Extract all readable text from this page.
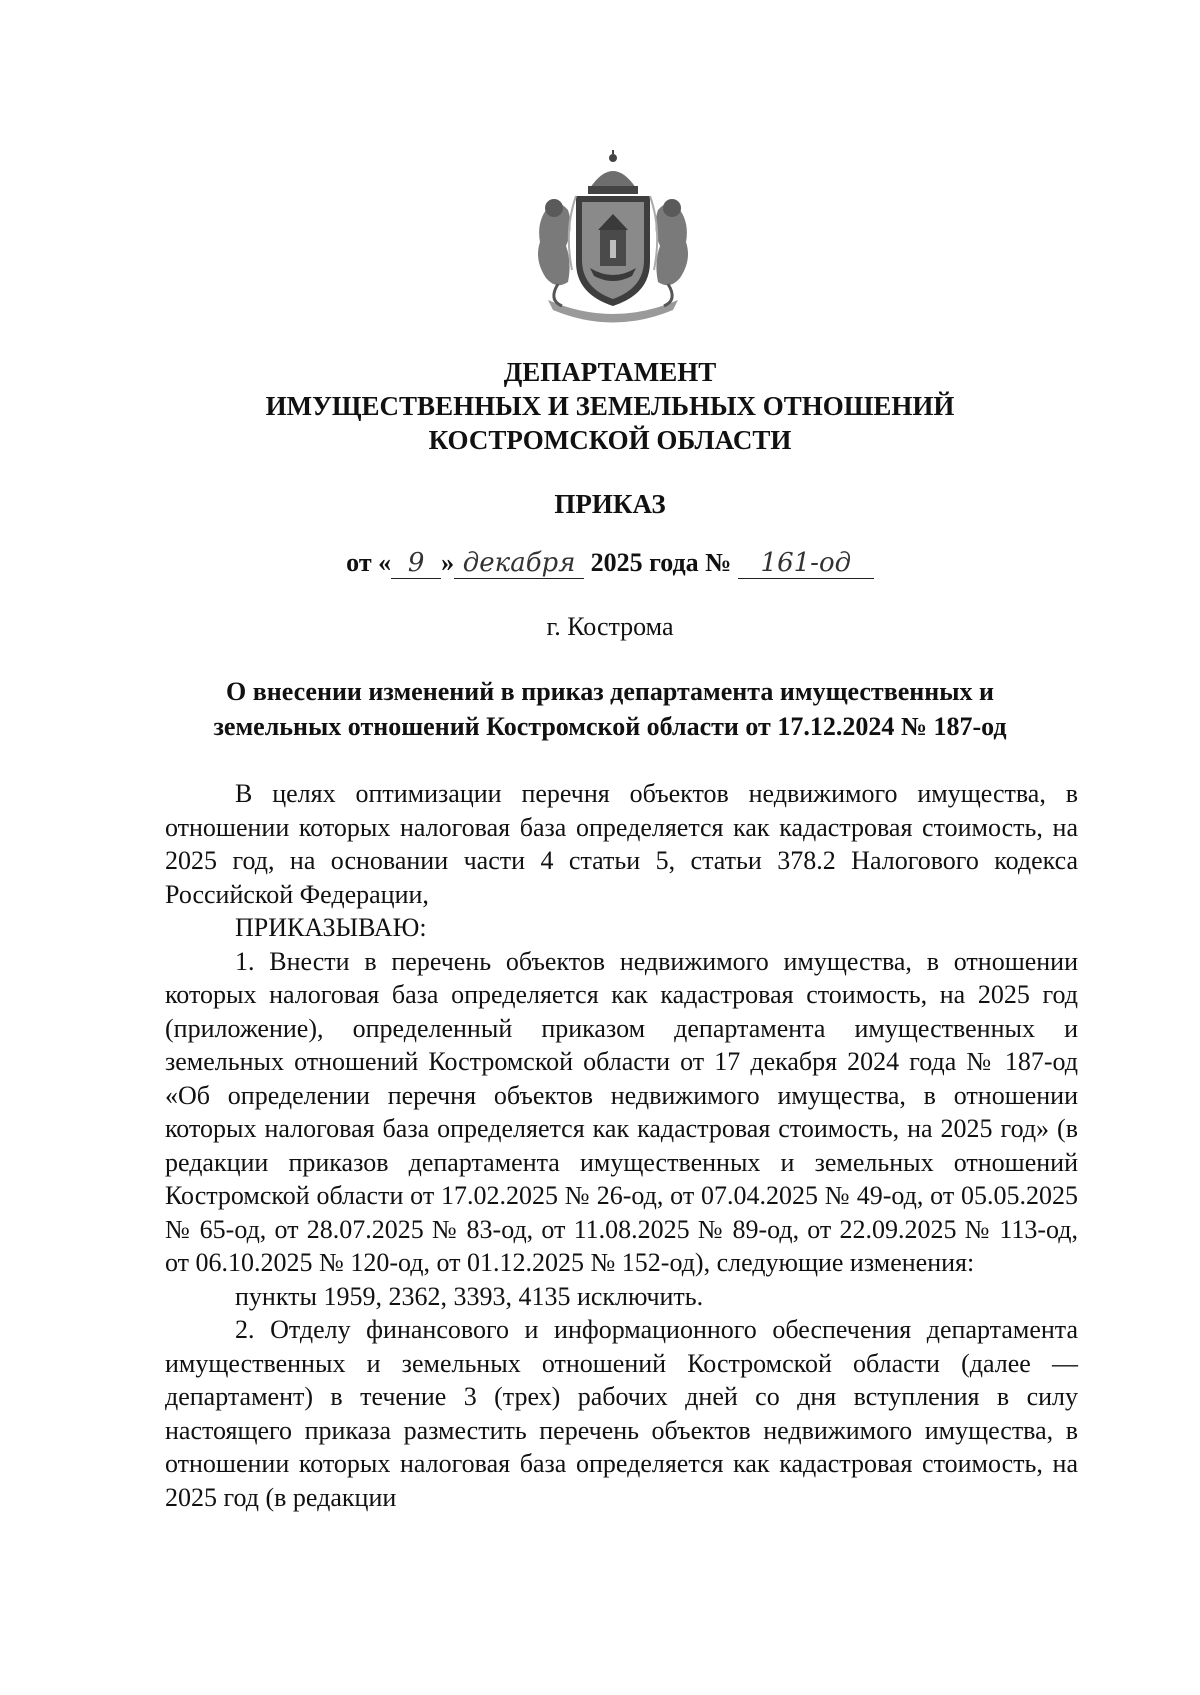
ДЕПАРТАМЕНТ
ИМУЩЕСТВЕННЫХ И ЗЕМЕЛЬНЫХ ОТНОШЕНИЙ
КОСТРОМСКОЙ ОБЛАСТИ
ПРИКАЗ
от « 9 » декабря 2025 года № 161-од
г. Кострома
О внесении изменений в приказ департамента имущественных и
земельных отношений Костромской области от 17.12.2024 № 187-од

В целях оптимизации перечня объектов недвижимого имущества, в отношении которых налоговая база определяется как кадастровая стоимость, на 2025 год, на основании части 4 статьи 5, статьи 378.2 Налогового кодекса Российской Федерации,

ПРИКАЗЫВАЮ:

1. Внести в перечень объектов недвижимого имущества, в отношении которых налоговая база определяется как кадастровая стоимость, на 2025 год (приложение), определенный приказом департамента имущественных и земельных отношений Костромской области от 17 декабря 2024 года № 187-од «Об определении перечня объектов недвижимого имущества, в отношении которых налоговая база определяется как кадастровая стоимость, на 2025 год» (в редакции приказов департамента имущественных и земельных отношений Костромской области от 17.02.2025 № 26-од, от 07.04.2025 № 49-од, от 05.05.2025 № 65-од, от 28.07.2025 № 83-од, от 11.08.2025 № 89-од, от 22.09.2025 № 113-од, от 06.10.2025 № 120-од, от 01.12.2025 № 152-од), следующие изменения:

пункты 1959, 2362, 3393, 4135 исключить.

2. Отделу финансового и информационного обеспечения департамента имущественных и земельных отношений Костромской области (далее — департамент) в течение 3 (трех) рабочих дней со дня вступления в силу настоящего приказа разместить перечень объектов недвижимого имущества, в отношении которых налоговая база определяется как кадастровая стоимость, на 2025 год (в редакции
